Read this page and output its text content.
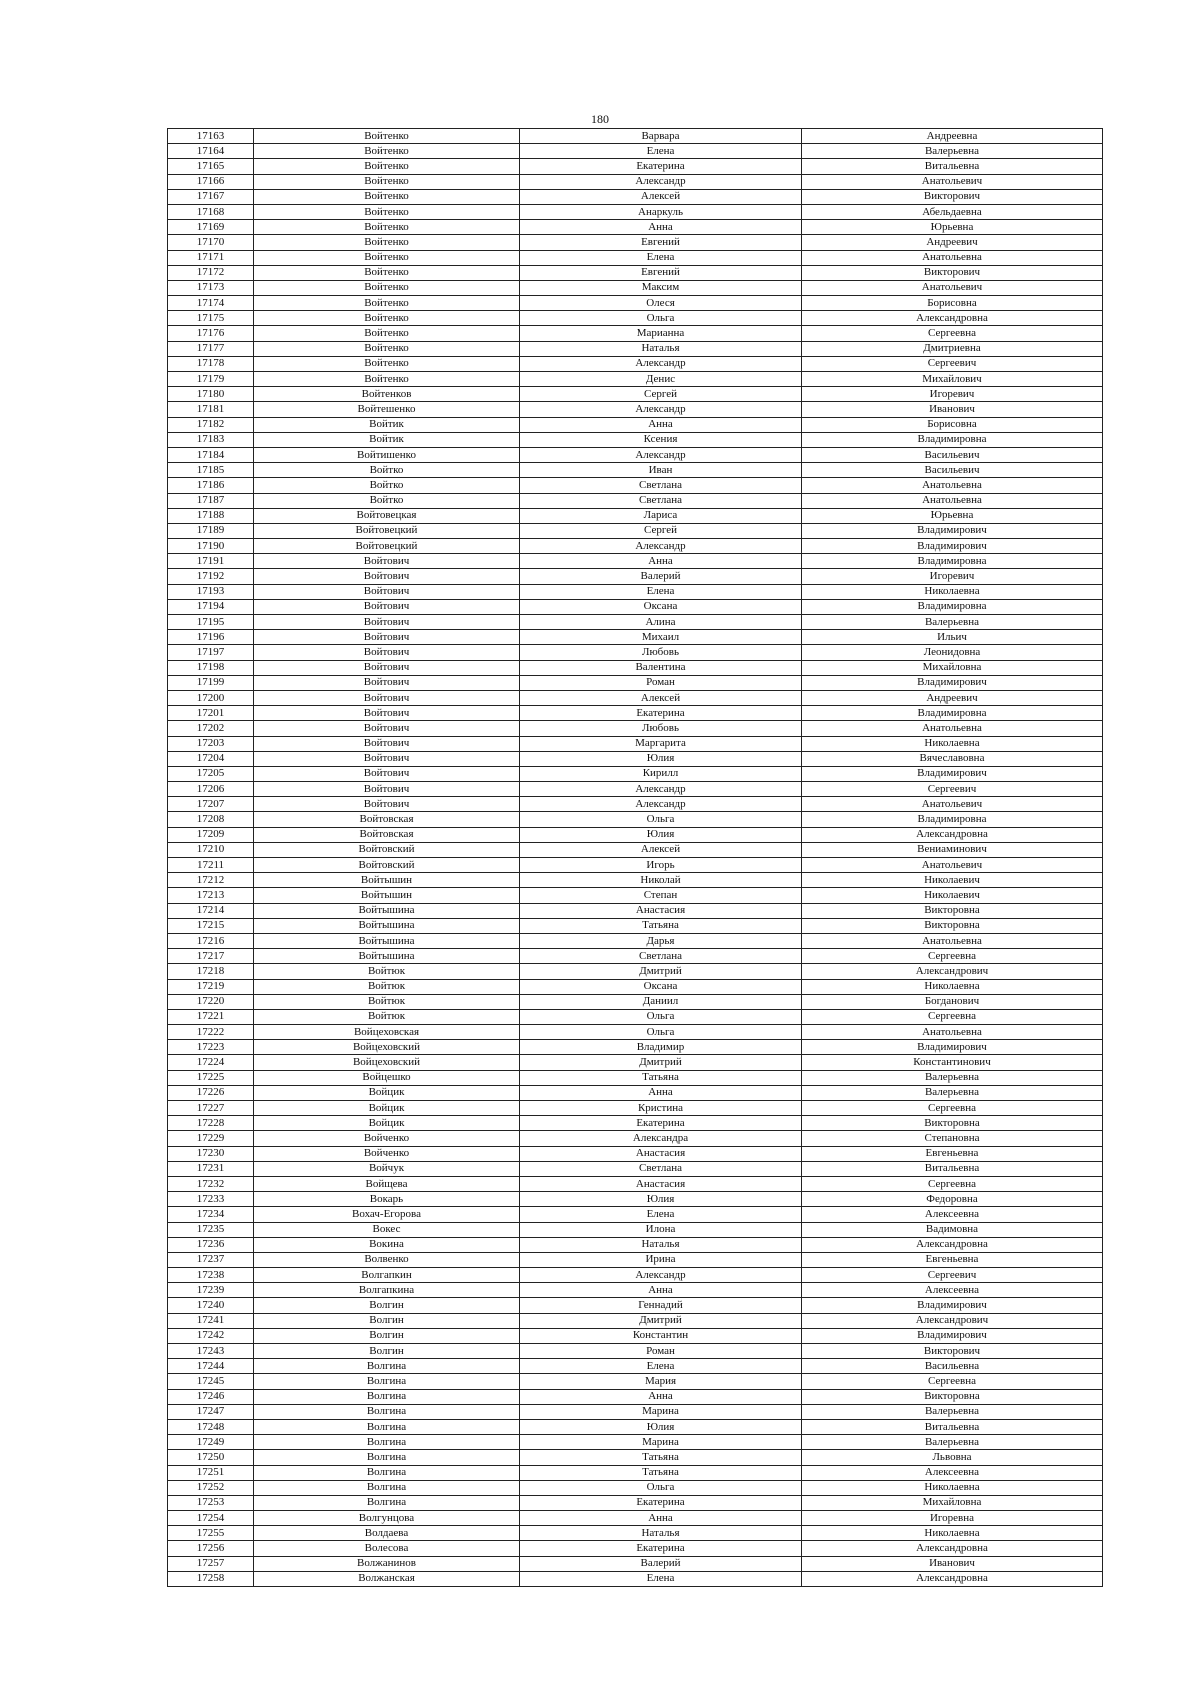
180
17163	Войтенко	Варвара	Андреевна
17164	Войтенко	Елена	Валерьевна
17165	Войтенко	Екатерина	Витальевна
17166	Войтенко	Александр	Анатольевич
17167	Войтенко	Алексей	Викторович
17168	Войтенко	Анаркуль	Абельдаевна
17169	Войтенко	Анна	Юрьевна
17170	Войтенко	Евгений	Андреевич
17171	Войтенко	Елена	Анатольевна
17172	Войтенко	Евгений	Викторович
17173	Войтенко	Максим	Анатольевич
17174	Войтенко	Олеся	Борисовна
17175	Войтенко	Ольга	Александровна
17176	Войтенко	Марианна	Сергеевна
17177	Войтенко	Наталья	Дмитриевна
17178	Войтенко	Александр	Сергеевич
17179	Войтенко	Денис	Михайлович
17180	Войтенков	Сергей	Игоревич
17181	Войтешенко	Александр	Иванович
17182	Войтик	Анна	Борисовна
17183	Войтик	Ксения	Владимировна
17184	Войтишенко	Александр	Васильевич
17185	Войтко	Иван	Васильевич
17186	Войтко	Светлана	Анатольевна
17187	Войтко	Светлана	Анатольевна
17188	Войтовецкая	Лариса	Юрьевна
17189	Войтовецкий	Сергей	Владимирович
17190	Войтовецкий	Александр	Владимирович
17191	Войтович	Анна	Владимировна
17192	Войтович	Валерий	Игоревич
17193	Войтович	Елена	Николаевна
17194	Войтович	Оксана	Владимировна
17195	Войтович	Алина	Валерьевна
17196	Войтович	Михаил	Ильич
17197	Войтович	Любовь	Леонидовна
17198	Войтович	Валентина	Михайловна
17199	Войтович	Роман	Владимирович
17200	Войтович	Алексей	Андреевич
17201	Войтович	Екатерина	Владимировна
17202	Войтович	Любовь	Анатольевна
17203	Войтович	Маргарита	Николаевна
17204	Войтович	Юлия	Вячеславовна
17205	Войтович	Кирилл	Владимирович
17206	Войтович	Александр	Сергеевич
17207	Войтович	Александр	Анатольевич
17208	Войтовская	Ольга	Владимировна
17209	Войтовская	Юлия	Александровна
17210	Войтовский	Алексей	Вениаминович
17211	Войтовский	Игорь	Анатольевич
17212	Войтышин	Николай	Николаевич
17213	Войтышин	Степан	Николаевич
17214	Войтышина	Анастасия	Викторовна
17215	Войтышина	Татьяна	Викторовна
17216	Войтышина	Дарья	Анатольевна
17217	Войтышина	Светлана	Сергеевна
17218	Войтюк	Дмитрий	Александрович
17219	Войтюк	Оксана	Николаевна
17220	Войтюк	Даниил	Богданович
17221	Войтюк	Ольга	Сергеевна
17222	Войцеховская	Ольга	Анатольевна
17223	Войцеховский	Владимир	Владимирович
17224	Войцеховский	Дмитрий	Константинович
17225	Войцешко	Татьяна	Валерьевна
17226	Войцик	Анна	Валерьевна
17227	Войцик	Кристина	Сергеевна
17228	Войцик	Екатерина	Викторовна
17229	Войченко	Александра	Степановна
17230	Войченко	Анастасия	Евгеньевна
17231	Войчук	Светлана	Витальевна
17232	Войщева	Анастасия	Сергеевна
17233	Вокарь	Юлия	Федоровна
17234	Вохач-Егорова	Елена	Алексеевна
17235	Вокес	Илона	Вадимовна
17236	Вокина	Наталья	Александровна
17237	Волвенко	Ирина	Евгеньевна
17238	Волгапкин	Александр	Сергеевич
17239	Волгапкина	Анна	Алексеевна
17240	Волгин	Геннадий	Владимирович
17241	Волгин	Дмитрий	Александрович
17242	Волгин	Константин	Владимирович
17243	Волгин	Роман	Викторович
17244	Волгина	Елена	Васильевна
17245	Волгина	Мария	Сергеевна
17246	Волгина	Анна	Викторовна
17247	Волгина	Марина	Валерьевна
17248	Волгина	Юлия	Витальевна
17249	Волгина	Марина	Валерьевна
17250	Волгина	Татьяна	Львовна
17251	Волгина	Татьяна	Алексеевна
17252	Волгина	Ольга	Николаевна
17253	Волгина	Екатерина	Михайловна
17254	Волгунцова	Анна	Игоревна
17255	Волдаева	Наталья	Николаевна
17256	Волесова	Екатерина	Александровна
17257	Волжанинов	Валерий	Иванович
17258	Волжанская	Елена	Александровна
